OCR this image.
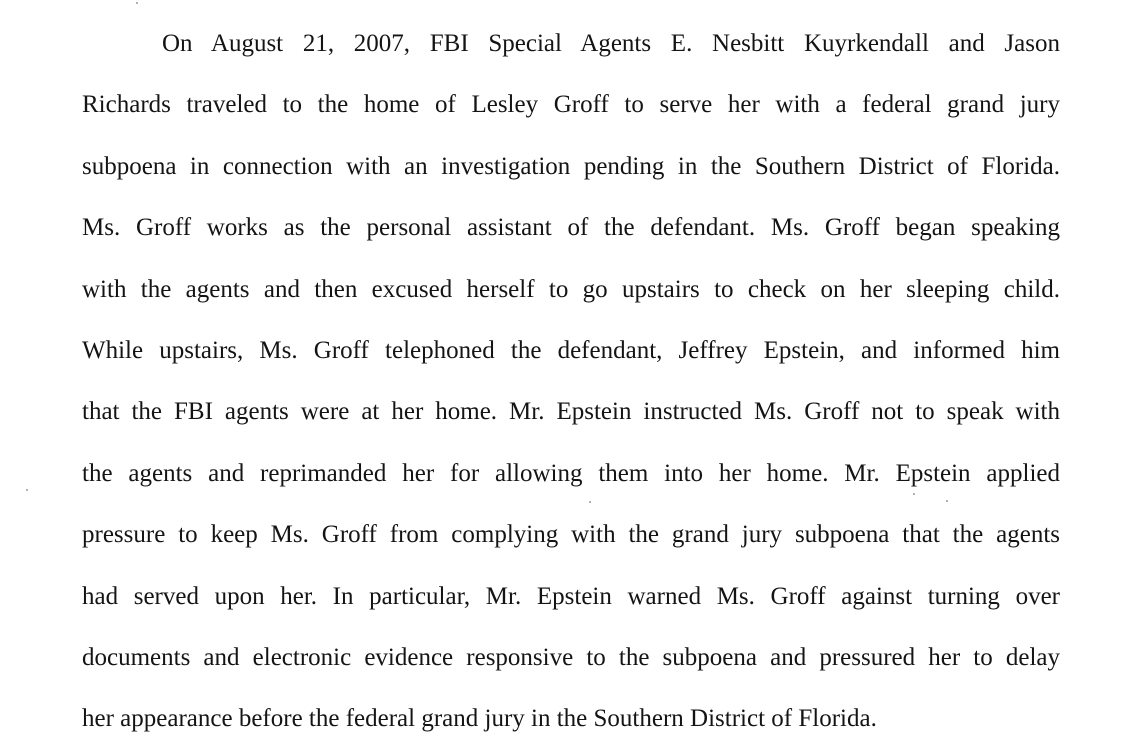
On August 21, 2007, FBI Special Agents E. Nesbitt Kuyrkendall and Jason
Richards traveled to the home of Lesley Groff to serve her with a federal grand jury
subpoena in connection with an investigation pending in the Southern District of Florida.
Ms. Groff works as the personal assistant of the defendant. Ms. Groff began speaking
with the agents and then excused herself to go upstairs to check on her sleeping child.
While upstairs, Ms. Groff telephoned the defendant, Jeffrey Epstein, and informed him
that the FBI agents were at her home. Mr. Epstein instructed Ms. Groff not to speak with
the agents and reprimanded her for allowing them into her home. Mr. Epstein applied
pressure to keep Ms. Groff from complying with the grand jury subpoena that the agents
had served upon her. In particular, Mr. Epstein warned Ms. Groff against turning over
documents and electronic evidence responsive to the subpoena and pressured her to delay
her appearance before the federal grand jury in the Southern District of Florida.
